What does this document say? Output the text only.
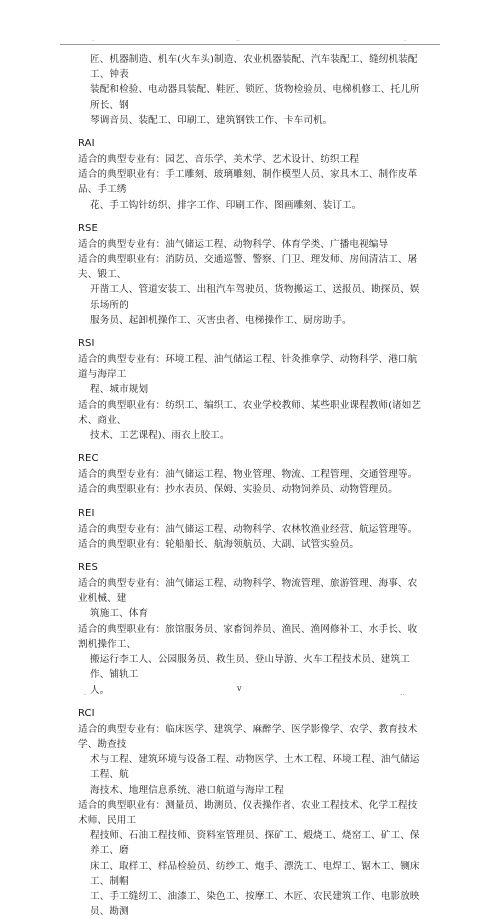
.	..	.

匠、机器制造、机车(火车头)制造、农业机器装配、汽车装配工、缝纫机装配工、钟表

装配和检验、电动器具装配、鞋匠、锁匠、货物检验员、电梯机修工、托儿所所长、钢

琴调音员、装配工、印刷工、建筑钢铁工作、卡车司机。

RAI

适合的典型专业有：园艺、音乐学、美术学、艺术设计、纺织工程

适合的典型职业有：手工雕刻、玻璃雕刻、制作模型人员、家具木工、制作皮革品、手工绣

花、手工钩针纺织、排字工作、印刷工作、图画雕刻、装订工。

RSE

适合的典型专业有：油气储运工程、动物科学、体育学类、广播电视编导

适合的典型职业有：消防员、交通巡警、警察、门卫、理发师、房间清洁工、屠夫、锻工、

开凿工人、管道安装工、出租汽车驾驶员、货物搬运工、送报员、勘探员、娱乐场所的

服务员、起卸机操作工、灭害虫者、电梯操作工、厨房助手。

RSI

适合的典型专业有：环境工程、油气储运工程、针灸推拿学、动物科学、港口航道与海岸工

程、城市规划

适合的典型职业有：纺织工、编织工、农业学校教师、某些职业课程教师(诸如艺术、商业、

技术、工艺课程)、雨衣上胶工。

REC

适合的典型专业有：油气储运工程、物业管理、物流、工程管理、交通管理等。

适合的典型职业有：抄水表员、保姆、实验员、动物饲养员、动物管理员。

REI

适合的典型专业有：油气储运工程、动物科学、农林牧渔业经营、航运管理等。

适合的典型职业有：轮船船长、航海领航员、大副、试管实验员。

RES

适合的典型专业有：油气储运工程、动物科学、物流管理、旅游管理、海事、农业机械、建

筑施工、体育

适合的典型职业有：旅馆服务员、家畜饲养员、渔民、渔网修补工、水手长、收割机操作工、

搬运行李工人、公园服务员、救生员、登山导游、火车工程技术员、建筑工作、铺轨工

人。

RCI

适合的典型专业有：临床医学、建筑学、麻醉学、医学影像学、农学、教育技术学、勘查技

术与工程、建筑环境与设备工程、动物医学、土木工程、环境工程、油气储运工程、航

海技术、地理信息系统、港口航道与海岸工程

适合的典型职业有：测量员、勘测员、仪表操作者、农业工程技术、化学工程技术师、民用工

程技师、石油工程技师、资料室管理员、探矿工、煅烧工、烧窑工、矿工、保养工、磨

床工、取样工、样品检验员、纺纱工、炮手、漂洗工、电焊工、锯木工、铡床工、制帽

工、手工缝纫工、油漆工、染色工、按摩工、木匠、农民建筑工作、电影放映员、勘测

.	v	..
